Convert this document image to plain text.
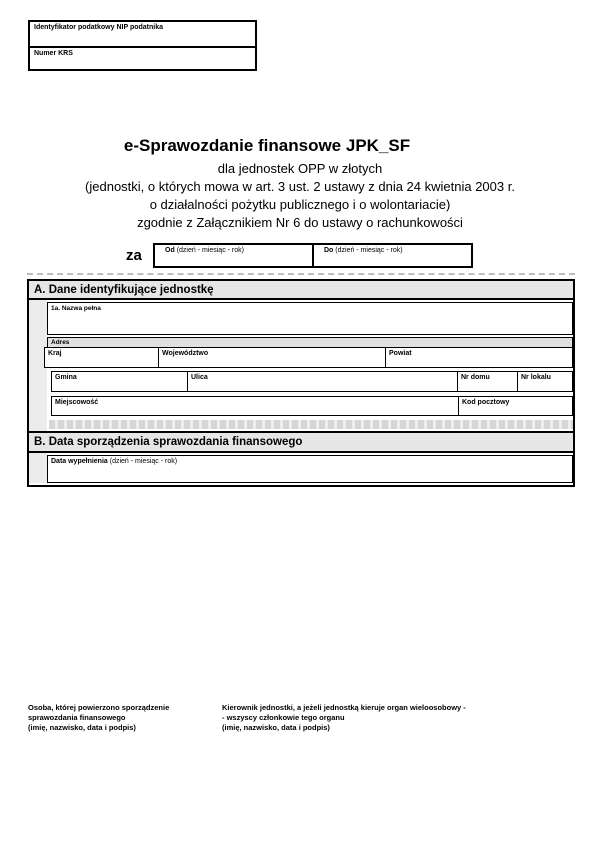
Identyfikator podatkowy NIP podatnika
Numer KRS
e-Sprawozdanie finansowe JPK_SF
dla jednostek OPP w złotych
(jednostki, o których mowa w art. 3 ust. 2 ustawy z dnia 24 kwietnia 2003 r.
o działalności pożytku publicznego i o wolontariacie)
zgodnie z Załącznikiem Nr 6 do ustawy o rachunkowości
za	Od (dzień - miesiąc - rok)	Do (dzień - miesiąc - rok)
A. Dane identyfikujące jednostkę
1a. Nazwa pełna
Adres
Kraj	Województwo	Powiat
Gmina	Ulica	Nr domu	Nr lokalu
Miejscowość	Kod pocztowy
B. Data sporządzenia sprawozdania finansowego
Data wypełnienia (dzień - miesiąc - rok)
Osoba, której powierzono sporządzenie
sprawozdania finansowego
(imię, nazwisko, data i podpis)
Kierownik jednostki, a jeżeli jednostką kieruje organ wieloosobowy -
- wszyscy członkowie tego organu
(imię, nazwisko, data i podpis)
